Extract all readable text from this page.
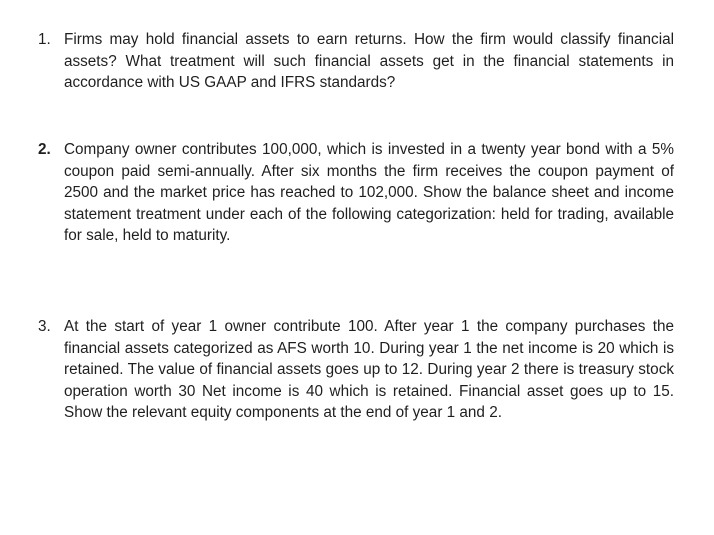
1. Firms may hold financial assets to earn returns. How the firm would classify financial assets? What treatment will such financial assets get in the financial statements in accordance with US GAAP and IFRS standards?
2. Company owner contributes 100,000, which is invested in a twenty year bond with a 5% coupon paid semi-annually. After six months the firm receives the coupon payment of 2500 and the market price has reached to 102,000. Show the balance sheet and income statement treatment under each of the following categorization: held for trading, available for sale, held to maturity.
3. At the start of year 1 owner contribute 100. After year 1 the company purchases the financial assets categorized as AFS worth 10. During year 1 the net income is 20 which is retained. The value of financial assets goes up to 12. During year 2 there is treasury stock operation worth 30 Net income is 40 which is retained. Financial asset goes up to 15. Show the relevant equity components at the end of year 1 and 2.
